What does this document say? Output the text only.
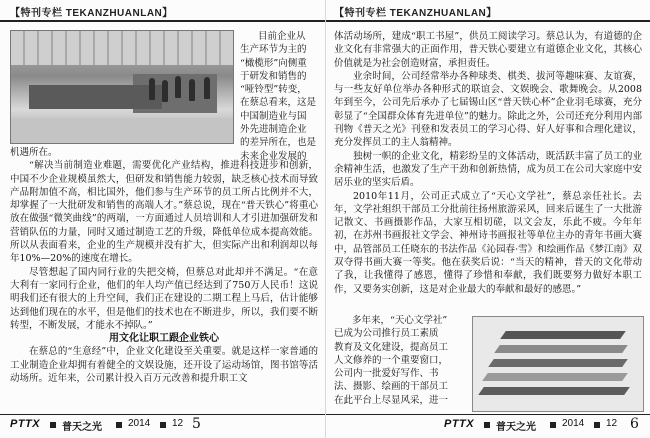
【特刊专栏 TEKANZHUANLAN】

目前企业从

生产环节为主的

“橄榄形”向侧重

于研发和销售的

“哑铃型”转变，

在蔡总看来，这是

中国制造业与国

外先进制造企业

的差异所在，也是

未来企业发展的

机遇所在。

“解决当前制造业难题，需要优化产业结构，推进科技进步和创新，中国不少企业规模虽然大，但研发和销售能力较弱，缺乏核心技术而导致产品附加值不高，相比国外，他们参与生产环节的员工所占比例并不大，却掌握了一大批研发和销售的高端人才。”蔡总说，现在“普天铁心”将重心放在做强“微笑曲线”的两端，一方面通过人员培训和人才引进加强研发和营销队伍的力量，同时又通过制造工艺的升级，降低单位成本提高效能。所以从表面看来，企业的生产规模并没有扩大，但实际产出和利润却以每年10%—20%的速度在增长。

尽管想起了国内同行业的失把交椅，但蔡总对此却并不满足。“在意大利有一家同行企业，他们的年人均产值已经达到了750万人民币！这说明我们还有很大的上升空间，我们正在建设的二期工程上马后，估计能够达到他们现在的水平，但是他们的技术也在不断进步，所以，我们要不断转型，不断发展，才能永不掉队。”

用文化让职工跟企业铁心

在蔡总的“生意经”中，企业文化建设至关重要。就是这样一家普通的工业制造企业却拥有着健全的文娱设施，还开设了运动场馆，图书馆等活动场所。近年来，公司累计投入百万元改善和提升职工文

PTTX 普天之光	2014 12 5
【特刊专栏 TEKANZHUANLAN】

体活动场所，建成“职工书屋”，供员工阅读学习。蔡总认为，有道德的企业文化有非常强大的正面作用，普天铁心要建立有道德企业文化，其核心价值就是为社会创造财富，承担责任。

业余时间，公司经常举办各种球类、棋类、拔河等趣味赛、友谊赛，与一些友好单位举办各种形式的联谊会、文娱晚会、歌舞晚会。从2008年到至今，公司先后承办了七届锡山区“普天铁心杯”企业羽毛球赛，充分彰显了“全国群众体育先进单位”的魅力。除此之外，公司还充分利用内部刊物《普天之光》刊登和发表员工的学习心得、好人好事和合理化建议，充分发挥员工的主人翁精神。

独树一帜的企业文化，精彩纷呈的文体活动，既活跃丰富了员工的业余精神生活，也激发了生产干劲和创新热情，成为员工在公司大家庭中安居乐业的坚实后盾。

2010年11月，公司正式成立了“天心文学社”，蔡总亲任社长。去年，文学社组织干部员工分批前往扬州旅游采风，回来后诞生了一大批游记散文、书画摄影作品，大家互相切磋，以文会友，乐此不疲。今年年初，在苏州书画报社文学会、神州诗书画报社等单位主办的青年书画大赛中，品管部员工任晓东的书法作品《沁园春·雪》和绘画作品《梦江南》双双夺得书画大赛一等奖。他在获奖后说：“当天的精神，普天的文化带动了我，让我懂得了感恩，懂得了珍惜和奉献，我们既要努力做好本职工作，又要务实创新，这是对企业最大的奉献和最好的感恩。”

多年来，“天心文学社”

已成为公司推行员工素质

教育及文化建设，提高员工

人文修养的一个重要窗口，

公司内一批爱好写作、书

法、摄影、绘画的干部员工

在此平台上尽显风采，进一

PTTX 普天之光	2014 12 6
